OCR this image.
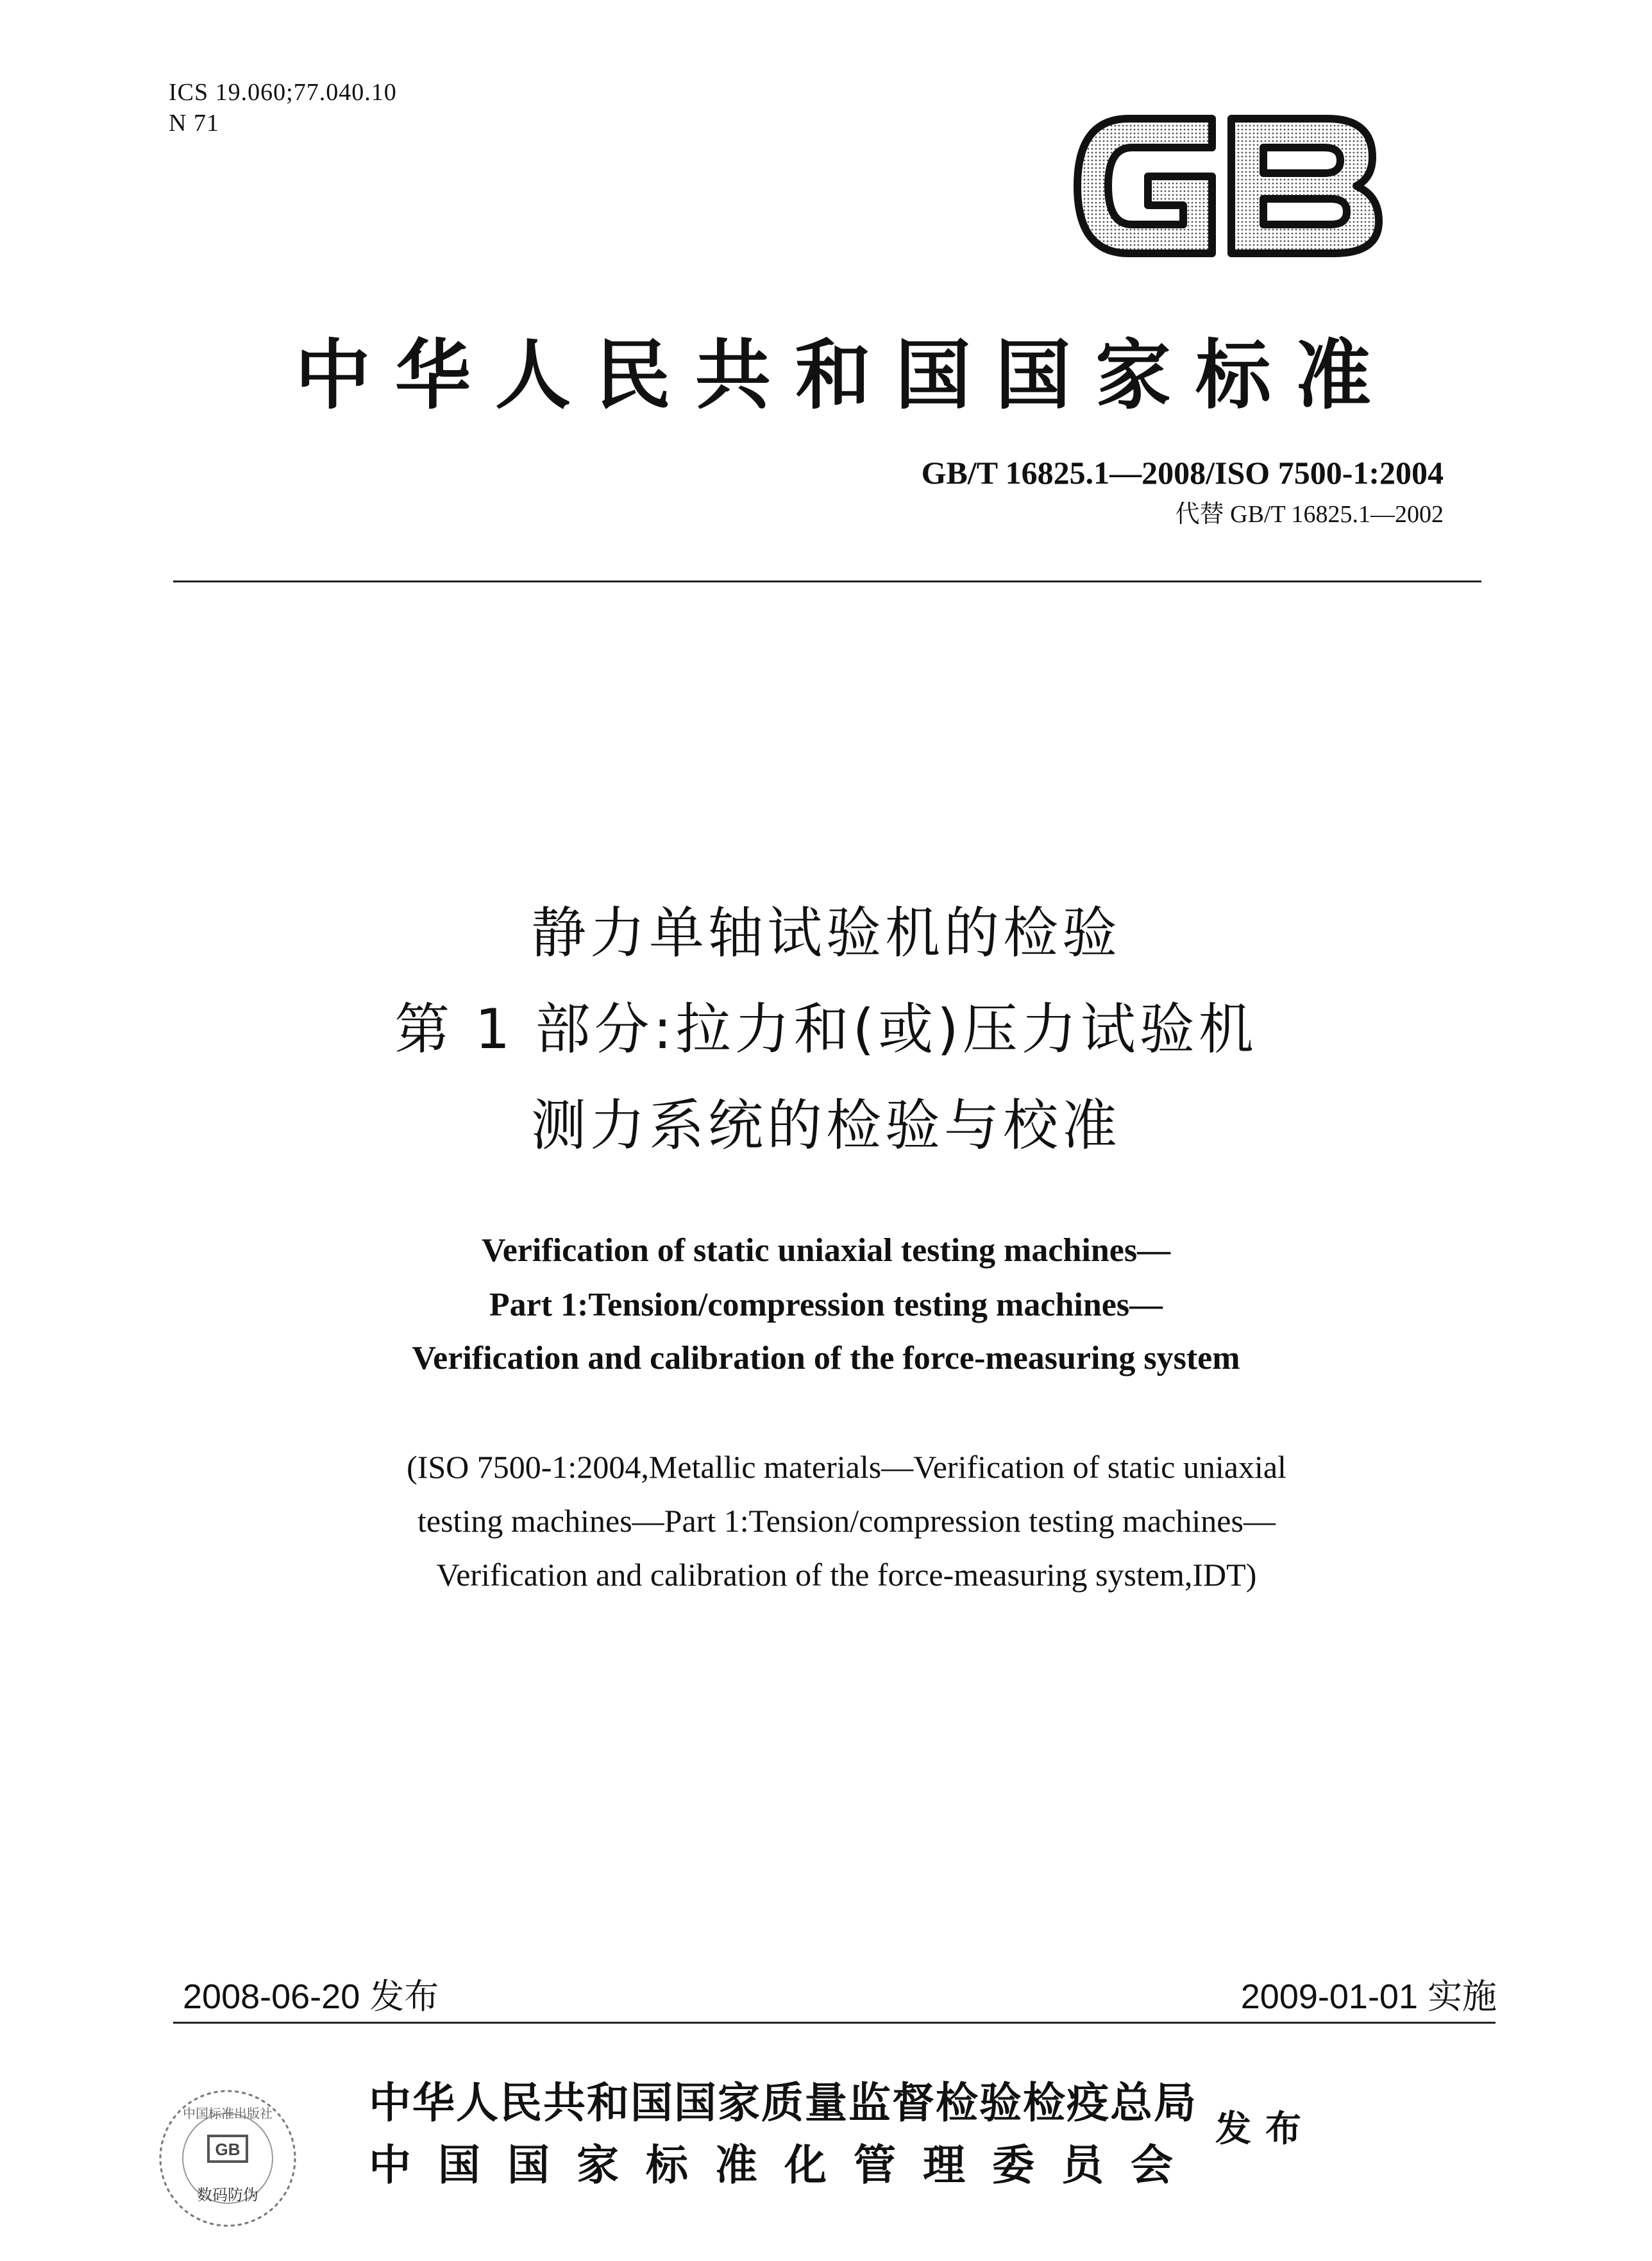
ICS 19.060;77.040.10
N 71
GB
中华人民共和国国家标准
GB/T 16825.1—2008/ISO 7500-1:2004
代替 GB/T 16825.1—2002
静力单轴试验机的检验
第 1 部分:拉力和(或)压力试验机
测力系统的检验与校准
Verification of static uniaxial testing machines—
Part 1:Tension/compression testing machines—
Verification and calibration of the force-measuring system
(ISO 7500-1:2004,Metallic materials—Verification of static uniaxial
testing machines—Part 1:Tension/compression testing machines—
Verification and calibration of the force-measuring system,IDT)
2008-06-20 发布	2009-01-01 实施
GB
中国标准出版社
数码防伪
中华人民共和国国家质量监督检验检疫总局
中国国家标准化管理委员会
发布
